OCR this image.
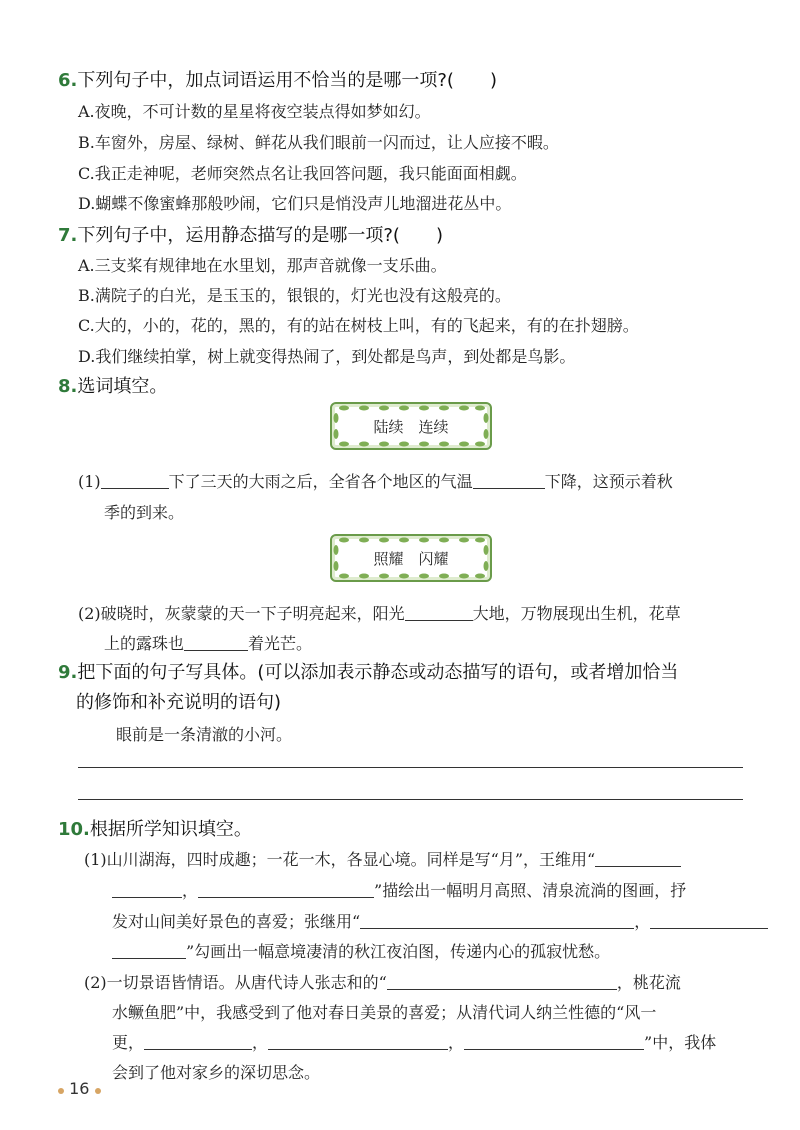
6.下列句子中，加点词语运用不恰当的是哪一项?(　　)
A.夜晚，不可计数的星星将夜空装点得如梦如幻。
B.车窗外，房屋、绿树、鲜花从我们眼前一闪而过，让人应接不暇。
C.我正走神呢，老师突然点名让我回答问题，我只能面面相觑。
D.蝴蝶不像蜜蜂那般吵闹，它们只是悄没声儿地溜进花丛中。
7.下列句子中，运用静态描写的是哪一项?(　　)
A.三支桨有规律地在水里划，那声音就像一支乐曲。
B.满院子的白光，是玉玉的，银银的，灯光也没有这般亮的。
C.大的，小的，花的，黑的，有的站在树枝上叫，有的飞起来，有的在扑翅膀。
D.我们继续拍掌，树上就变得热闹了，到处都是鸟声，到处都是鸟影。
8.选词填空。
陆续　连续
(1)	下了三天的大雨之后，全省各个地区的气温	下降，这预示着秋
季的到来。
照耀　闪耀
(2)破晓时，灰蒙蒙的天一下子明亮起来，阳光	大地，万物展现出生机，花草
上的露珠也	着光芒。
9.把下面的句子写具体。(可以添加表示静态或动态描写的语句，或者增加恰当
的修饰和补充说明的语句)
眼前是一条清澈的小河。
10.根据所学知识填空。
(1)山川湖海，四时成趣；一花一木，各显心境。同样是写“月”，王维用“
，	”描绘出一幅明月高照、清泉流淌的图画，抒
发对山间美好景色的喜爱；张继用“	，
”勾画出一幅意境凄清的秋江夜泊图，传递内心的孤寂忧愁。
(2)一切景语皆情语。从唐代诗人张志和的“	，桃花流
水鳜鱼肥”中，我感受到了他对春日美景的喜爱；从清代词人纳兰性德的“风一
更，	，	，	”中，我体
会到了他对家乡的深切思念。
16
